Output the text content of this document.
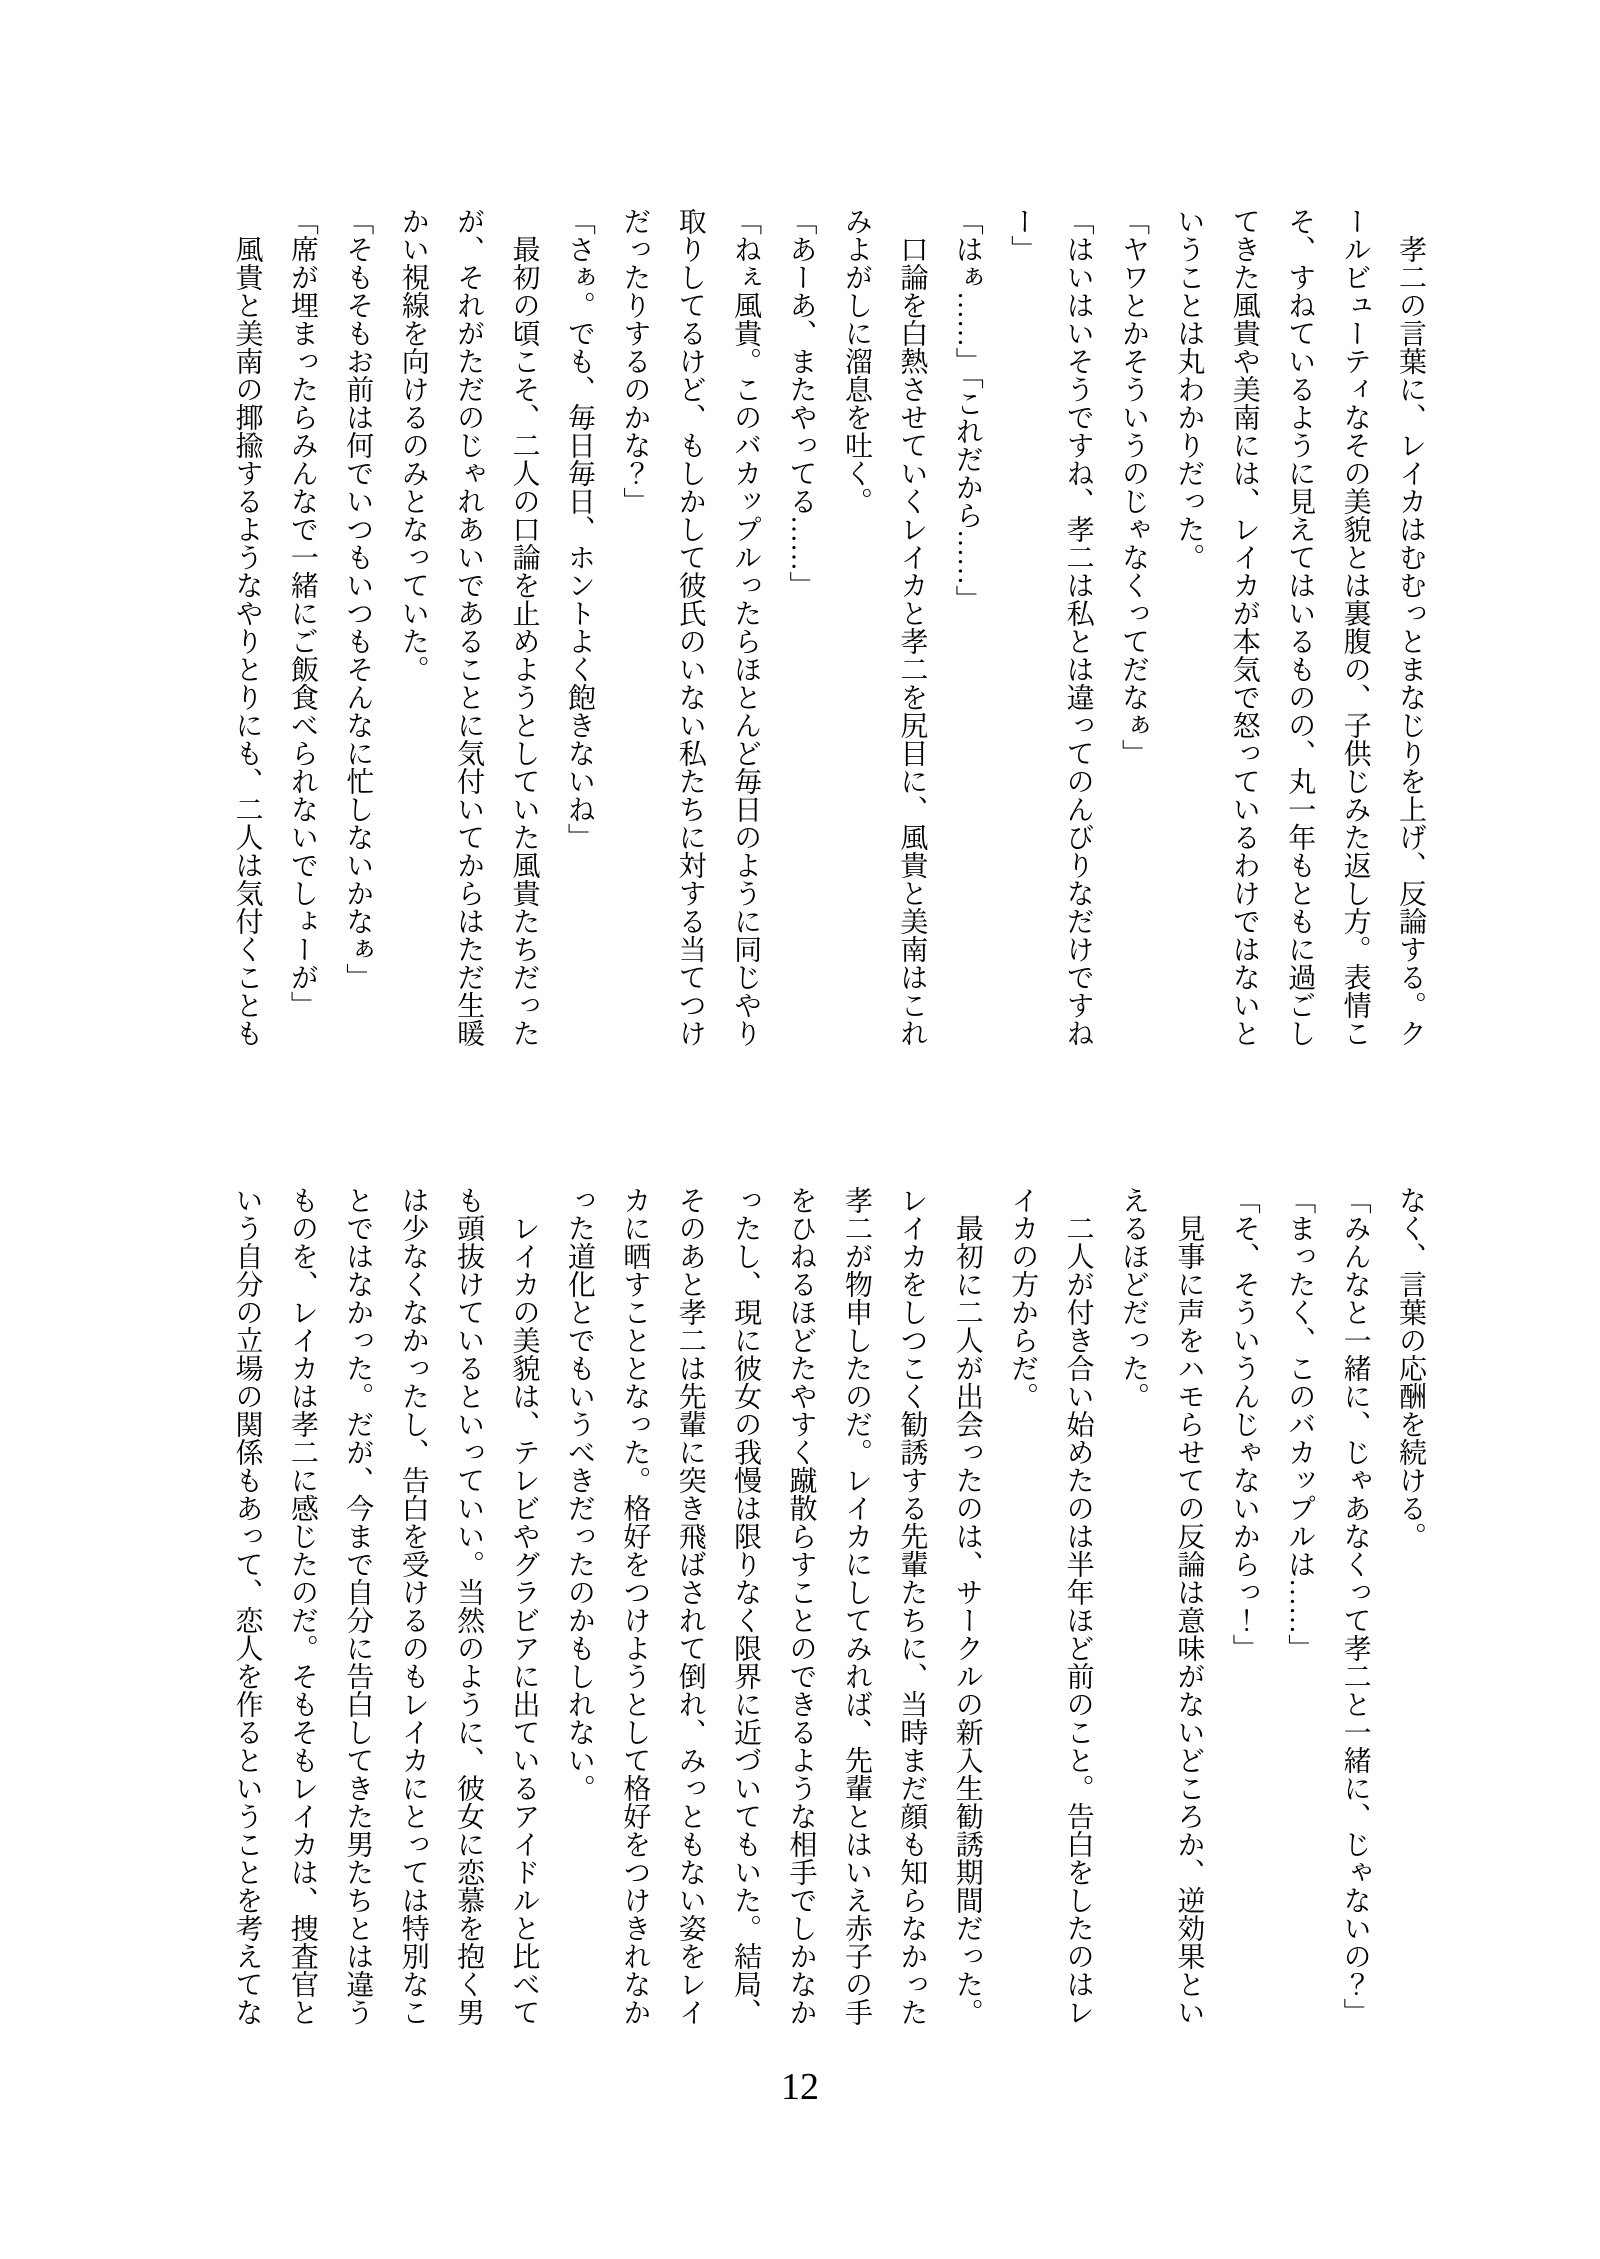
　孝二の言葉に、レイカはむむっとまなじりを上げ、反論する。ク

ールビューティなその美貌とは裏腹の、子供じみた返し方。表情こ

そ、すねているように見えてはいるものの、丸一年もともに過ごし

てきた風貴や美南には、レイカが本気で怒っているわけではないと

いうことは丸わかりだった。

「ヤワとかそういうのじゃなくってだなぁ」

「はいはいそうですね、孝二は私とは違ってのんびりなだけですね

ー」

「はぁ……」「これだから……」

　口論を白熱させていくレイカと孝二を尻目に、風貴と美南はこれ

みよがしに溜息を吐く。

「あーあ、またやってる……」

「ねぇ風貴。このバカップルったらほとんど毎日のように同じやり

取りしてるけど、もしかして彼氏のいない私たちに対する当てつけ

だったりするのかな？」

「さぁ。でも、毎日毎日、ホントよく飽きないね」

　最初の頃こそ、二人の口論を止めようとしていた風貴たちだった

が、それがただのじゃれあいであることに気付いてからはただ生暖

かい視線を向けるのみとなっていた。

「そもそもお前は何でいつもいつもそんなに忙しないかなぁ」

「席が埋まったらみんなで一緒にご飯食べられないでしょーが」

　風貴と美南の揶揄するようなやりとりにも、二人は気付くことも

なく、言葉の応酬を続ける。

「みんなと一緒に、じゃあなくって孝二と一緒に、じゃないの？」

「まったく、このバカップルは……」

「そ、そういうんじゃないからっ！」

　見事に声をハモらせての反論は意味がないどころか、逆効果とい

えるほどだった。

　二人が付き合い始めたのは半年ほど前のこと。告白をしたのはレ

イカの方からだ。

　最初に二人が出会ったのは、サークルの新入生勧誘期間だった。

レイカをしつこく勧誘する先輩たちに、当時まだ顔も知らなかった

孝二が物申したのだ。レイカにしてみれば、先輩とはいえ赤子の手

をひねるほどたやすく蹴散らすことのできるような相手でしかなか

ったし、現に彼女の我慢は限りなく限界に近づいてもいた。結局、

そのあと孝二は先輩に突き飛ばされて倒れ、みっともない姿をレイ

カに晒すこととなった。格好をつけようとして格好をつけきれなか

った道化とでもいうべきだったのかもしれない。

　レイカの美貌は、テレビやグラビアに出ているアイドルと比べて

も頭抜けているといっていい。当然のように、彼女に恋慕を抱く男

は少なくなかったし、告白を受けるのもレイカにとっては特別なこ

とではなかった。だが、今まで自分に告白してきた男たちとは違う

ものを、レイカは孝二に感じたのだ。そもそもレイカは、捜査官と

いう自分の立場の関係もあって、恋人を作るということを考えてな

12
